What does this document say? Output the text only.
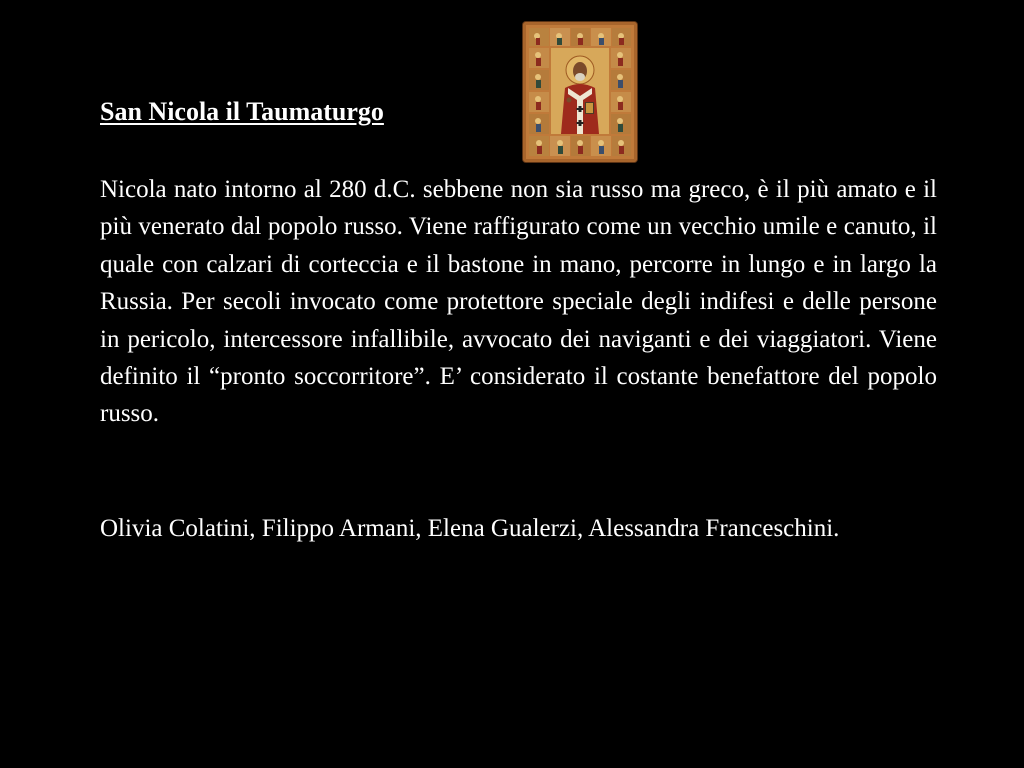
San Nicola il Taumaturgo

Nicola nato intorno al 280 d.C. sebbene non sia russo ma greco, è il più amato e il più venerato dal popolo russo. Viene raffigurato come un vecchio umile e canuto, il quale con calzari di corteccia e il bastone in mano, percorre in lungo e in largo la Russia. Per secoli invocato come protettore speciale degli indifesi e delle persone in pericolo, intercessore infallibile, avvocato dei naviganti e dei viaggiatori. Viene definito il “pronto soccorritore”. E’ considerato il costante benefattore del popolo russo.

Olivia Colatini, Filippo Armani, Elena Gualerzi, Alessandra Franceschini.
